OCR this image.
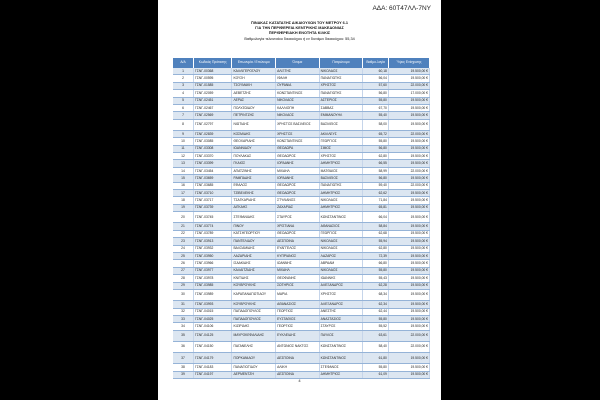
ΑΔΑ: 60Τ47ΛΛ-7ΝΥ
ΠΙΝΑΚΑΣ ΚΑΤΑΤΑΞΗΣ ΔΙΚΑΙΟΥΧΩΝ ΤΟΥ ΜΕΤΡΟΥ 6.1
ΓΙΑ ΤΗΝ ΠΕΡΙΦΕΡΕΙΑ ΚΕΝΤΡΙΚΗΣ ΜΑΚΕΔΟΝΙΑΣ
ΠΕΡΙΦΕΡΕΙΑΚΗ ΕΝΟΤΗΤΑ ΚΙΛΚΙΣ
Βαθμολογία τελευταίου δικαιούχου ή εν δυνάμει δικαιούχου: 55,34
Α/Α	Κωδικός Πρότασης	Επωνυμία / Επώνυμο	Όνομα	Πατρώνυμο	Βαθμο-λογία	Ύψος Ενίσχυσης
1	ΓΣΝΓ-00368	ΚΑΛΛΙΓΕΡΟΓΛΟΥ	ΑΛΙΞΤΗΣ	ΝΙΚΟΛΑΟΣ	60,18	19.500,00 €
2	ΓΣΝΓ-00595	ΚΟΥΣΗ	ΙΦΑΛΗ	ΠΑΝΑΓΙΩΤΗΣ	56,04	19.500,00 €
3	ΓΣΝΓ-01585	ΤΣΟΥΜΑΚΗ	ΟΥΡΑΝΙΑ	ΧΡΗΣΤΟΣ	57,60	22.000,00 €
4	ΓΣΝΓ-02059	ΔΕΒΕΤΖΗΣ	ΚΩΝΣΤΑΝΤΙΝΟΣ	ΠΑΝΑΓΙΩΤΗΣ	56,80	17.000,00 €
5	ΓΣΝΓ-02451	ΛΕΡΑΣ	ΝΙΚΟΛΑΟΣ	ΑΣΤΕΡΙΟΣ	55,80	19.500,00 €
6	ΓΣΝΓ-02467	ΠΟΛΥΖΩΙΔΟΥ	ΚΑΛΛΙΟΠΗ	ΣΑΒΒΑΣ	67,70	19.500,00 €
7	ΓΣΝΓ-02569	ΠΕΤΡΙΝΤΖΗΣ	ΝΙΚΟΛΑΟΣ	ΕΜΜΑΝΟΥΗΛ	55,40	19.500,00 €
8	ΓΣΝΓ-02797	ΝΙΩΤΙΔΗΣ	ΧΡΗΣΤΟΣ ΒΑΣΙΛΕΙΟΣ	ΒΑΣΙΛΕΙΟΣ	58,00	19.500,00 €
9	ΓΣΝΓ-02839	ΚΟΣΜΙΔΗΣ	ΧΡΗΣΤΟΣ	ΑΚΙΛΛΕΥΣ	65,72	22.000,00 €
10	ΓΣΝΓ-03085	ΘΕΟΧΑΡΙΔΗΣ	ΚΩΝΣΤΑΝΤΙΝΟΣ	ΓΕΩΡΓΙΟΣ	55,80	19.500,00 €
11	ΓΣΝΓ-03308	ΙΩΑΝΝΙΔΟΥ	ΘΕΟΔΩΡΑ	ΣΙΜΟΣ	56,80	19.500,00 €
12	ΓΣΝΓ-03370	ΠΟΥΛΑΚΑΣ	ΘΕΟΔΩΡΟΣ	ΧΡΗΣΤΟΣ	62,80	19.500,00 €
13	ΓΣΝΓ-03399	ΓΚΑΙΟΣ	ΙΟΡΔΑΝΗΣ	ΔΗΜΗΤΡΙΟΣ	66,55	19.500,00 €
14	ΓΣΝΓ-03454	ΑΠΑΤΖΙΝΗΣ	ΜΙΧΑΗΛ	ΜΑΤΘΑΙΟΣ	58,99	22.000,00 €
15	ΓΣΝΓ-03659	ΡΑΜΠΑΔΗΣ	ΙΟΡΔΑΝΗΣ	ΒΑΣΙΛΕΙΟΣ	56,80	19.500,00 €
16	ΓΣΝΓ-03685	ΕΦΑΛΟΣ	ΘΕΟΔΩΡΟΣ	ΠΑΝΑΓΙΩΤΗΣ	59,40	22.000,00 €
17	ΓΣΝΓ-03710	ΤΖΙΒΕΛΕΚΗΣ	ΘΕΟΔΩΡΟΣ	ΔΗΜΗΤΡΙΟΣ	62,62	19.500,00 €
18	ΓΣΝΓ-03717	ΤΣΑΓΚΑΡΙΔΗΣ	ΣΤΥΛΙΑΝΟΣ	ΝΙΚΟΛΑΟΣ	71,84	19.500,00 €
19	ΓΣΝΓ-03739	ΔΙΓΚΑΗΣ	ΖΑΧΑΡΙΑΣ	ΔΗΜΗΤΡΙΟΣ	65,81	19.500,00 €
20	ΓΣΝΓ-03745	ΣΤΕΦΑΝΙΔΗΣ	ΣΤΑΥΡΟΣ	ΚΩΝΣΤΑΝΤΙΝΟΣ	66,04	19.500,00 €
21	ΓΣΝΓ-03774	ΠΙΝΟΥ	ΧΡΙΣΤΙΑΝΑ	ΑΘΑΝΑΣΙΟΣ	58,84	19.500,00 €
22	ΓΣΝΓ-03789	ΚΑΤΣΗΓΕΩΡΓΙΟΥ	ΘΕΟΔΩΡΟΣ	ΓΕΩΡΓΙΟΣ	62,68	19.500,00 €
23	ΓΣΝΓ-03913	ΠΑΝΤΕΛΙΔΟΥ	ΔΕΣΠΟΙΝΑ	ΝΙΚΟΛΑΟΣ	55,94	19.500,00 €
24	ΓΣΝΓ-03932	ΒΑΛΣΑΜΙΔΗΣ	ΕΥΑΓΓΕΛΟΣ	ΝΙΚΟΛΑΟΣ	62,80	19.500,00 €
25	ΓΣΝΓ-03950	ΛΑΖΑΡΙΔΗΣ	ΚΥΠΡΙΑΝΟΣ	ΛΑΖΑΡΟΣ	72,39	19.500,00 €
26	ΓΣΝΓ-03966	ΙΣΑΑΚΙΔΗΣ	ΙΩΑΝΝΗΣ	ΑΒΡΑΑΜ	66,80	19.500,00 €
27	ΓΣΝΓ-03977	ΚΑΛΑΙΤΖΙΔΗΣ	ΜΙΧΑΗΛ	ΝΙΚΟΛΑΟΣ	55,80	19.500,00 €
28	ΓΣΝΓ-03978	ΚΝΙΤΙΔΗΣ	ΘΕΟΦΑΝΗΣ	ΙΩΑΝΝΗΣ	55,43	19.500,00 €
29	ΓΣΝΓ-03985	ΚΟΥΒΡΟΥΚΗΣ	ΣΩΤΗΡΙΟΣ	ΑΛΕΞΑΝΔΡΟΣ	62,28	19.500,00 €
30	ΓΣΝΓ-03989	ΚΑΡΑΠΑΝΑΓΙΩΤΙΔΟΥ	ΜΑΡΙΑ	ΧΡΗΣΤΟΣ	68,34	19.500,00 €
31	ΓΣΝΓ-03993	ΚΟΥΒΡΟΥΚΗΣ	ΑΘΑΝΑΣΙΟΣ	ΑΛΕΞΑΝΔΡΟΣ	62,34	19.500,00 €
32	ΓΣΝΓ-04015	ΠΑΠΑΔΟΠΟΥΛΟΣ	ΓΕΩΡΓΙΟΣ	ΑΝΕΣΤΗΣ	62,44	19.500,00 €
33	ΓΣΝΓ-04025	ΠΑΠΑΔΟΠΟΥΛΟΣ	ΕΥΣΤΑΘΙΟΣ	ΑΝΑΣΤΑΣΙΟΣ	55,80	19.500,00 €
34	ΓΣΝΓ-04106	ΚΙΖΙΡΙΔΗΣ	ΓΕΩΡΓΙΟΣ	ΣΤΑΥΡΟΣ	55,52	19.500,00 €
35	ΓΣΝΓ-04125	ΜΑΥΡΟΚΕΦΑΛΙΔΗΣ	ΕΥΚΛΕΙΔΗΣ	ΠΑΥΛΟΣ	63,61	22.000,00 €
36	ΓΣΝΓ-04150	ΠΑΓΑΝΕΛΗΣ	ΑΝΤΩΝΙΟΣ ΝΑΚΤΟΣ	ΚΩΝΣΤΑΝΤΙΝΟΣ	58,40	22.000,00 €
37	ΓΣΝΓ-04179	ΠΟΡΚΑΝΙΔΟΥ	ΔΕΣΠΟΙΝΑ	ΚΩΝΣΤΑΝΤΙΝΟΣ	61,80	19.500,00 €
38	ΓΣΝΓ-04183	ΠΑΝΑΓΙΩΤΙΔΟΥ	ΑΛΙΚΗ	ΣΤΕΦΑΝΟΣ	55,80	19.500,00 €
39	ΓΣΝΓ-04197	ΔΕΡΜΕΝΤΖΗ	ΔΕΣΠΟΙΝΑ	ΔΗΜΗΤΡΙΟΣ	61,09	19.500,00 €
4
